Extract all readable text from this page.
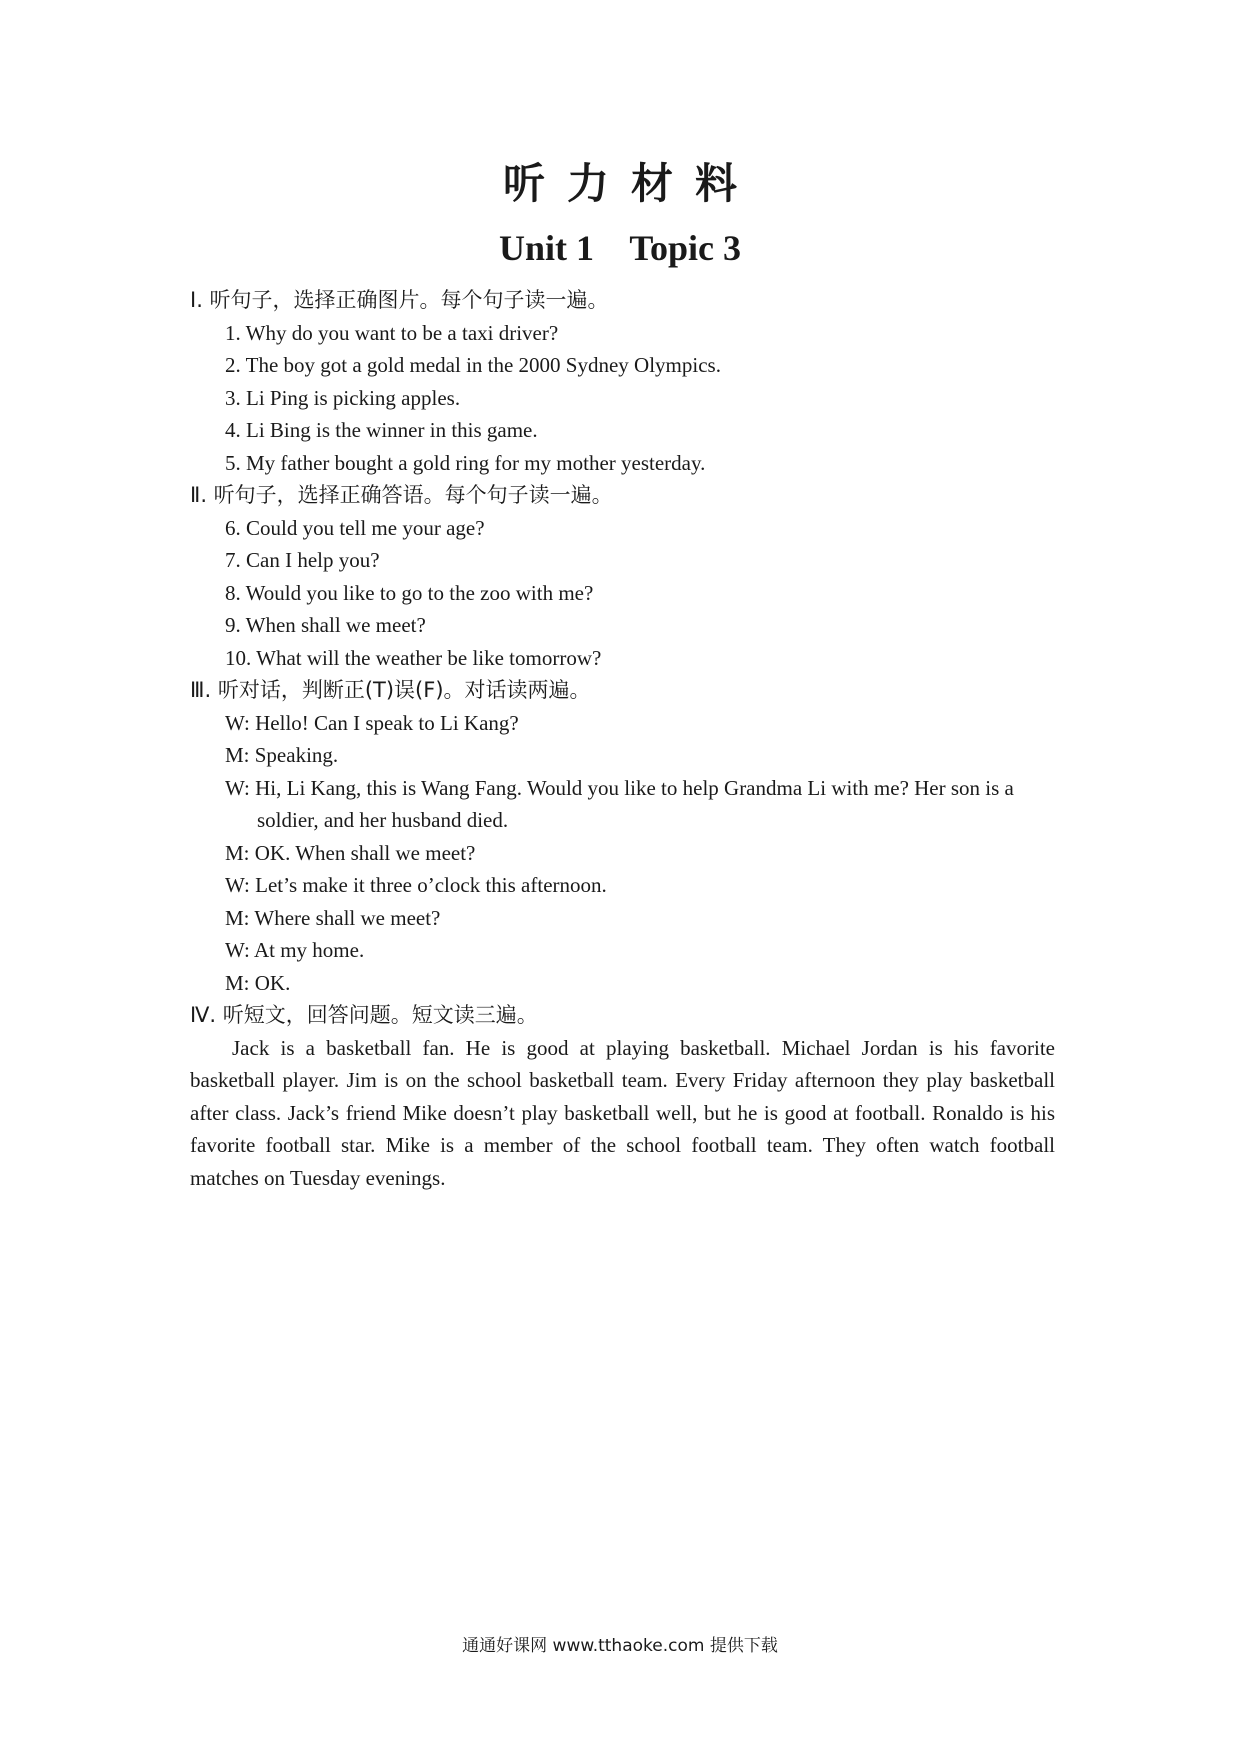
听力材料
Unit 1    Topic 3
Ⅰ. 听句子，选择正确图片。每个句子读一遍。
1. Why do you want to be a taxi driver?
2. The boy got a gold medal in the 2000 Sydney Olympics.
3. Li Ping is picking apples.
4. Li Bing is the winner in this game.
5. My father bought a gold ring for my mother yesterday.
Ⅱ. 听句子，选择正确答语。每个句子读一遍。
6. Could you tell me your age?
7. Can I help you?
8. Would you like to go to the zoo with me?
9. When shall we meet?
10. What will the weather be like tomorrow?
Ⅲ. 听对话，判断正(T)误(F)。对话读两遍。
W: Hello! Can I speak to Li Kang?
M: Speaking.
W: Hi, Li Kang, this is Wang Fang. Would you like to help Grandma Li with me? Her son is a soldier, and her husband died.
M: OK. When shall we meet?
W: Let’s make it three o’clock this afternoon.
M: Where shall we meet?
W: At my home.
M: OK.
Ⅳ. 听短文，回答问题。短文读三遍。
Jack is a basketball fan. He is good at playing basketball. Michael Jordan is his favorite basketball player. Jim is on the school basketball team. Every Friday afternoon they play basketball after class. Jack’s friend Mike doesn’t play basketball well, but he is good at football. Ronaldo is his favorite football star. Mike is a member of the school football team. They often watch football matches on Tuesday evenings.
通通好课网 www.tthaoke.com 提供下载
